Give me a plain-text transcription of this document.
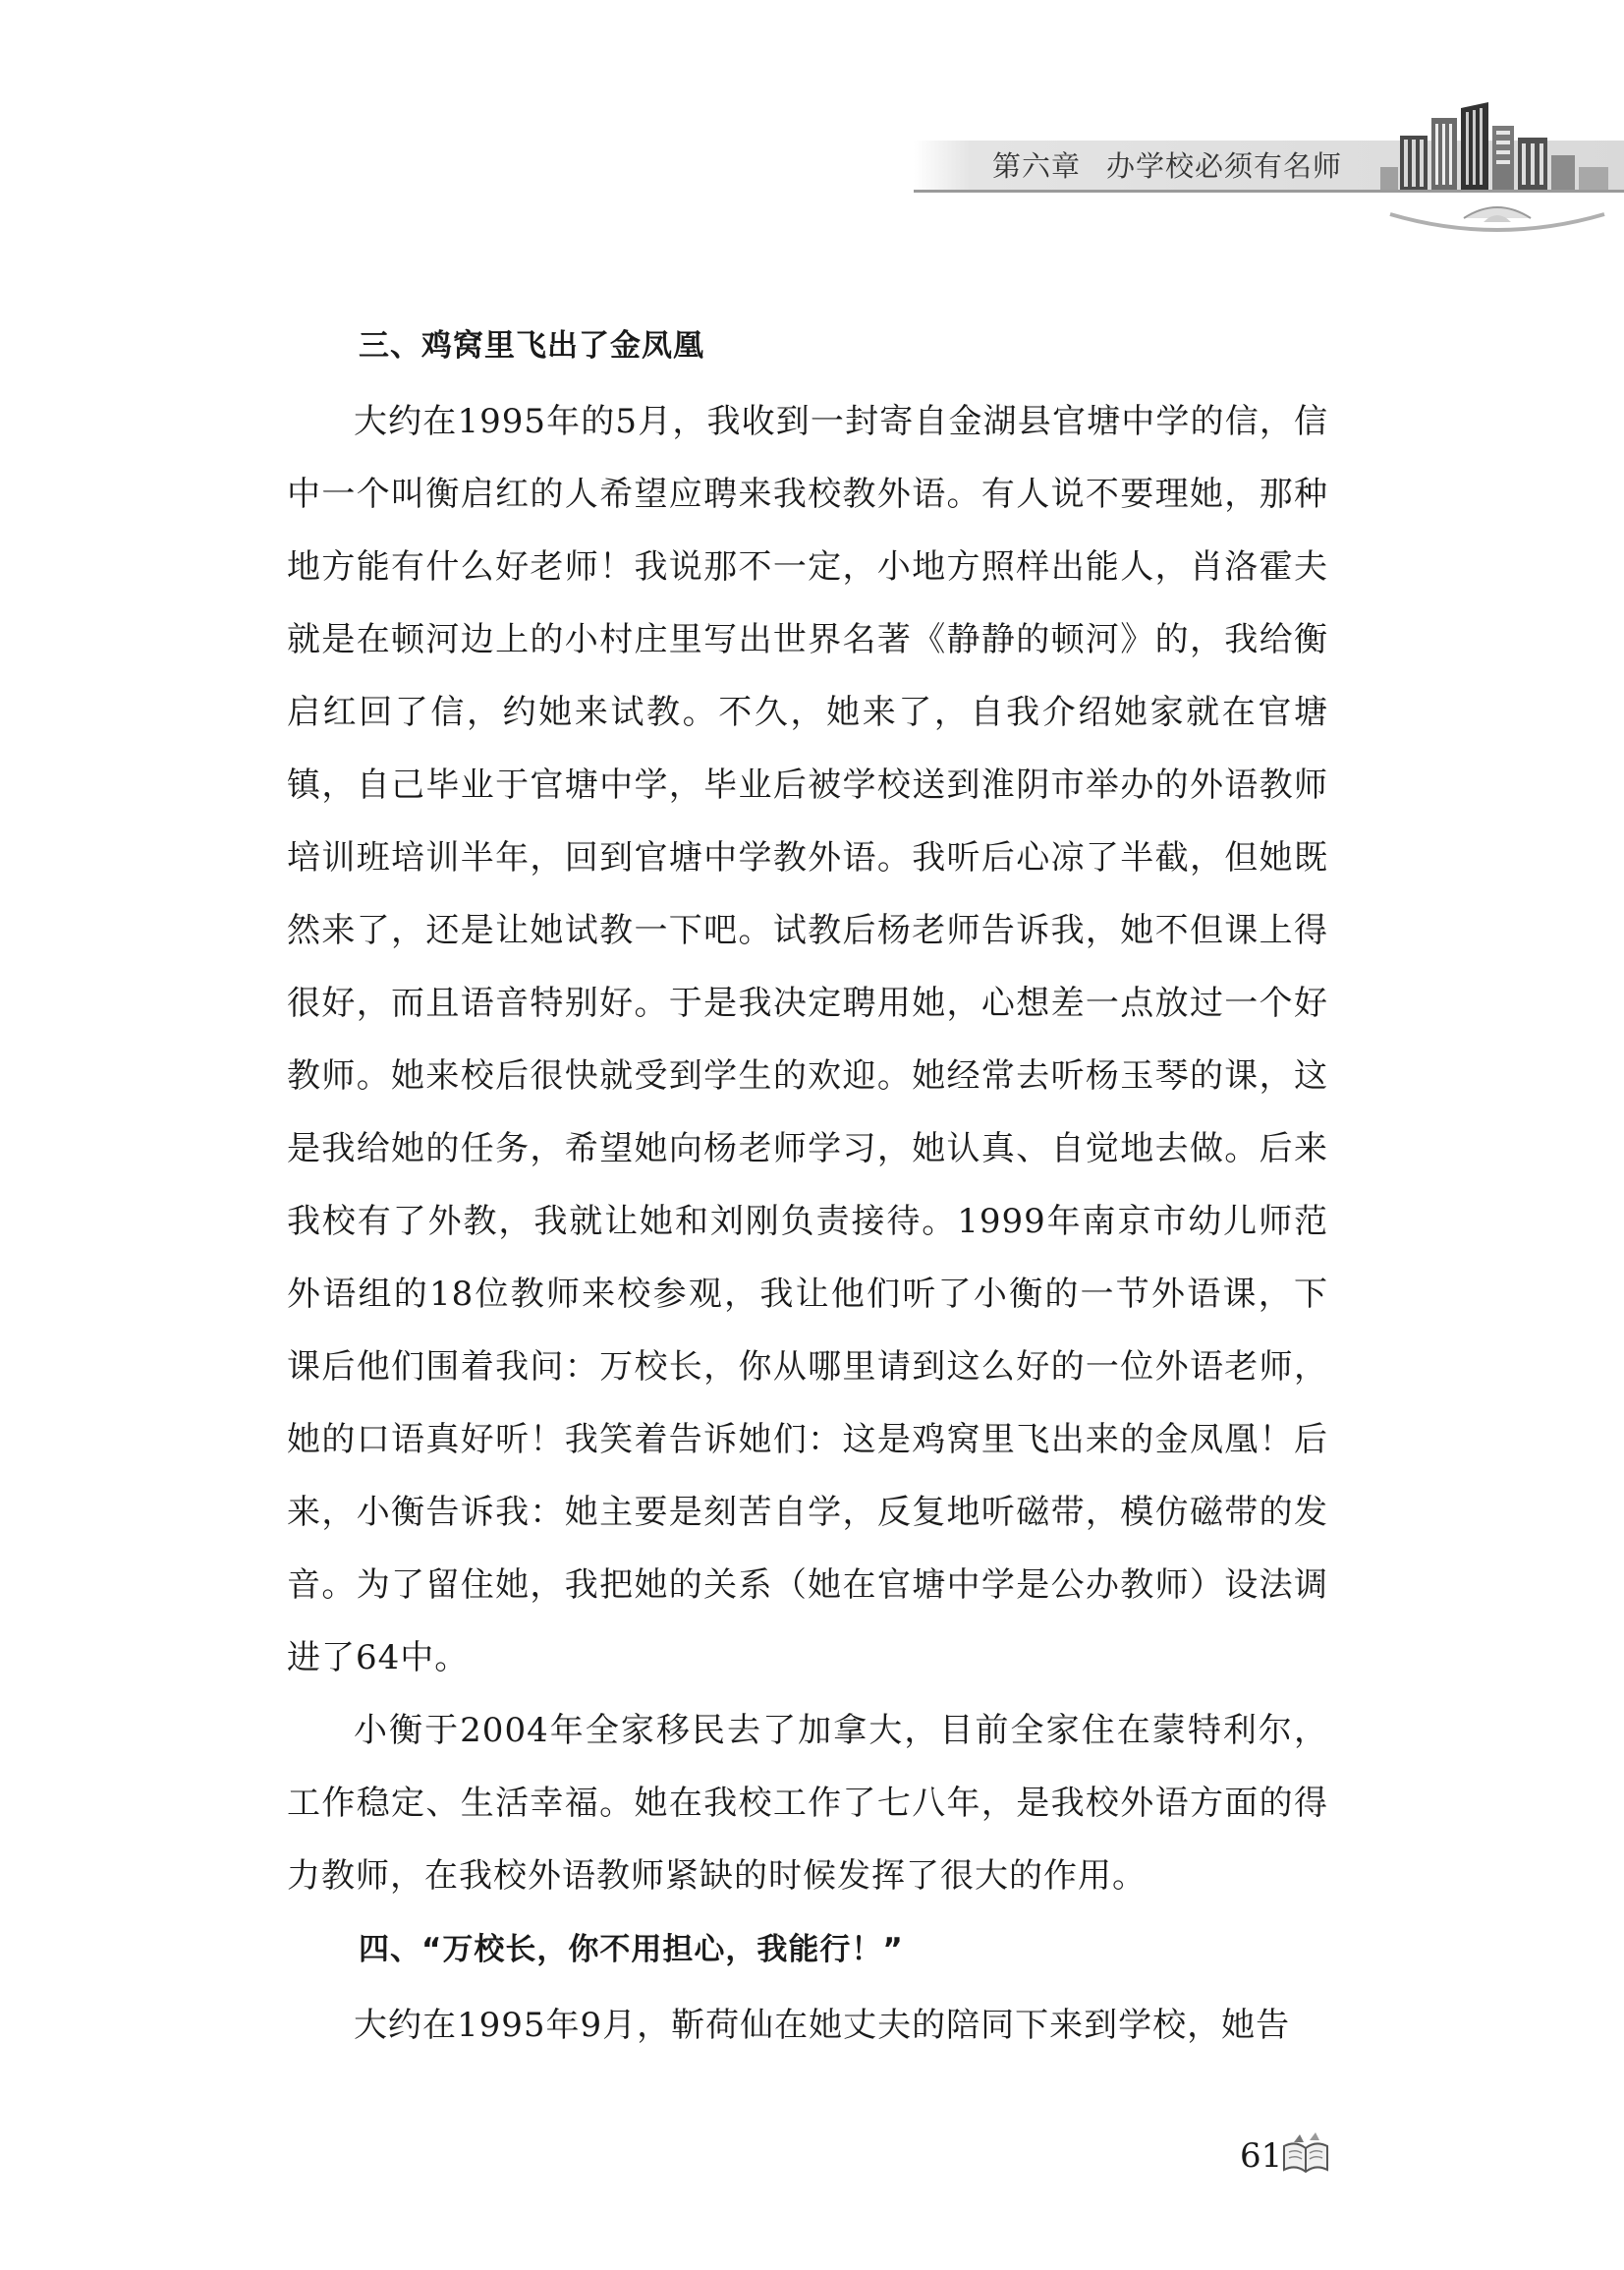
第六章 办学校必须有名师
三、鸡窝里飞出了金凤凰

大约在1995年的5月，我收到一封寄自金湖县官塘中学的信，信中一个叫衡启红的人希望应聘来我校教外语。有人说不要理她，那种地方能有什么好老师！我说那不一定，小地方照样出能人，肖洛霍夫就是在顿河边上的小村庄里写出世界名著《静静的顿河》的，我给衡启红回了信，约她来试教。不久，她来了，自我介绍她家就在官塘镇，自己毕业于官塘中学，毕业后被学校送到淮阴市举办的外语教师培训班培训半年，回到官塘中学教外语。我听后心凉了半截，但她既然来了，还是让她试教一下吧。试教后杨老师告诉我，她不但课上得很好，而且语音特别好。于是我决定聘用她，心想差一点放过一个好教师。她来校后很快就受到学生的欢迎。她经常去听杨玉琴的课，这是我给她的任务，希望她向杨老师学习，她认真、自觉地去做。后来我校有了外教，我就让她和刘刚负责接待。1999年南京市幼儿师范外语组的18位教师来校参观，我让他们听了小衡的一节外语课，下课后他们围着我问：万校长，你从哪里请到这么好的一位外语老师，她的口语真好听！我笑着告诉她们：这是鸡窝里飞出来的金凤凰！后来，小衡告诉我：她主要是刻苦自学，反复地听磁带，模仿磁带的发音。为了留住她，我把她的关系（她在官塘中学是公办教师）设法调进了64中。

小衡于2004年全家移民去了加拿大，目前全家住在蒙特利尔，工作稳定、生活幸福。她在我校工作了七八年，是我校外语方面的得力教师，在我校外语教师紧缺的时候发挥了很大的作用。

四、“万校长，你不用担心，我能行！”

大约在1995年9月，靳荷仙在她丈夫的陪同下来到学校，她告

61
